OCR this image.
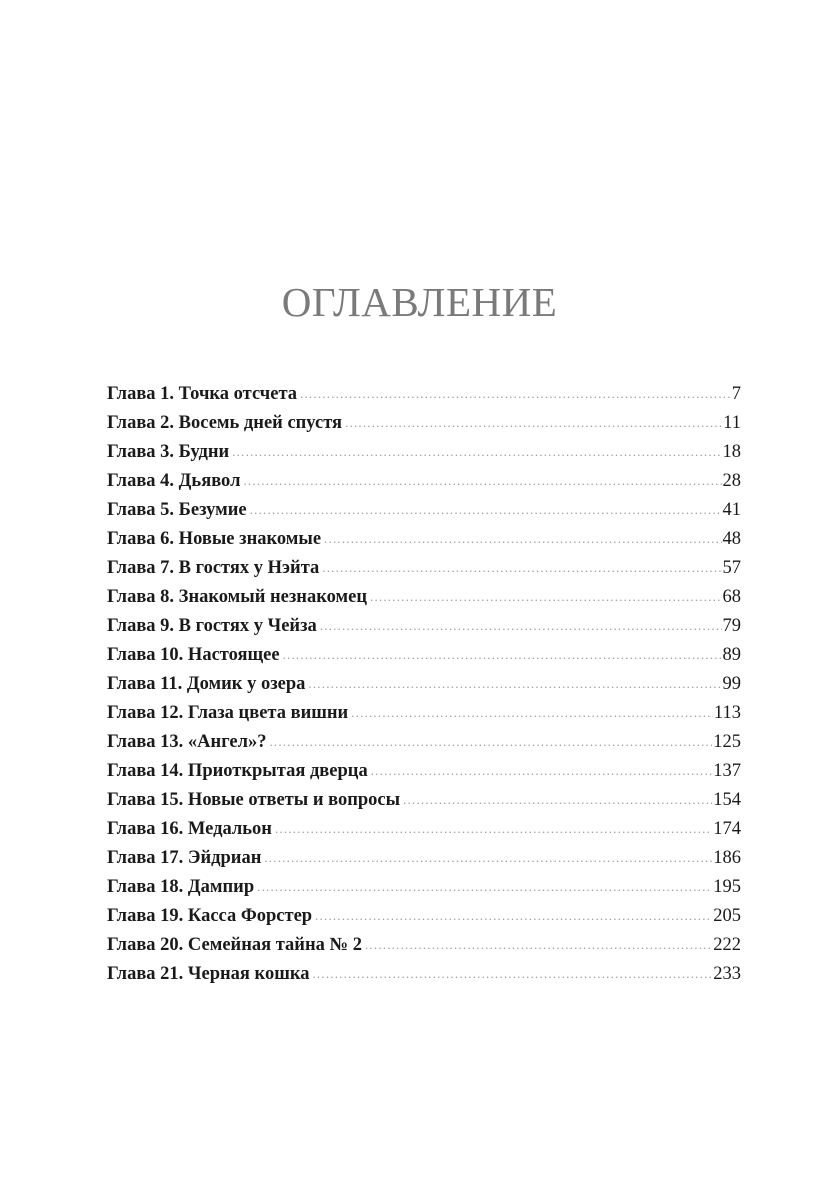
ОГЛАВЛЕНИЕ
Глава 1. Точка отсчета .....	7
Глава 2. Восемь дней спустя .....	11
Глава 3. Будни .....	18
Глава 4. Дьявол .....	28
Глава 5. Безумие .....	41
Глава 6. Новые знакомые .....	48
Глава 7. В гостях у Нэйта .....	57
Глава 8. Знакомый незнакомец .....	68
Глава 9. В гостях у Чейза .....	79
Глава 10. Настоящее .....	89
Глава 11. Домик у озера .....	99
Глава 12. Глаза цвета вишни .....	113
Глава 13. «Ангел»? .....	125
Глава 14. Приоткрытая дверца .....	137
Глава 15. Новые ответы и вопросы .....	154
Глава 16. Медальон .....	174
Глава 17. Эйдриан .....	186
Глава 18. Дампир .....	195
Глава 19. Касса Форстер .....	205
Глава 20. Семейная тайна № 2 .....	222
Глава 21. Черная кошка .....	233
